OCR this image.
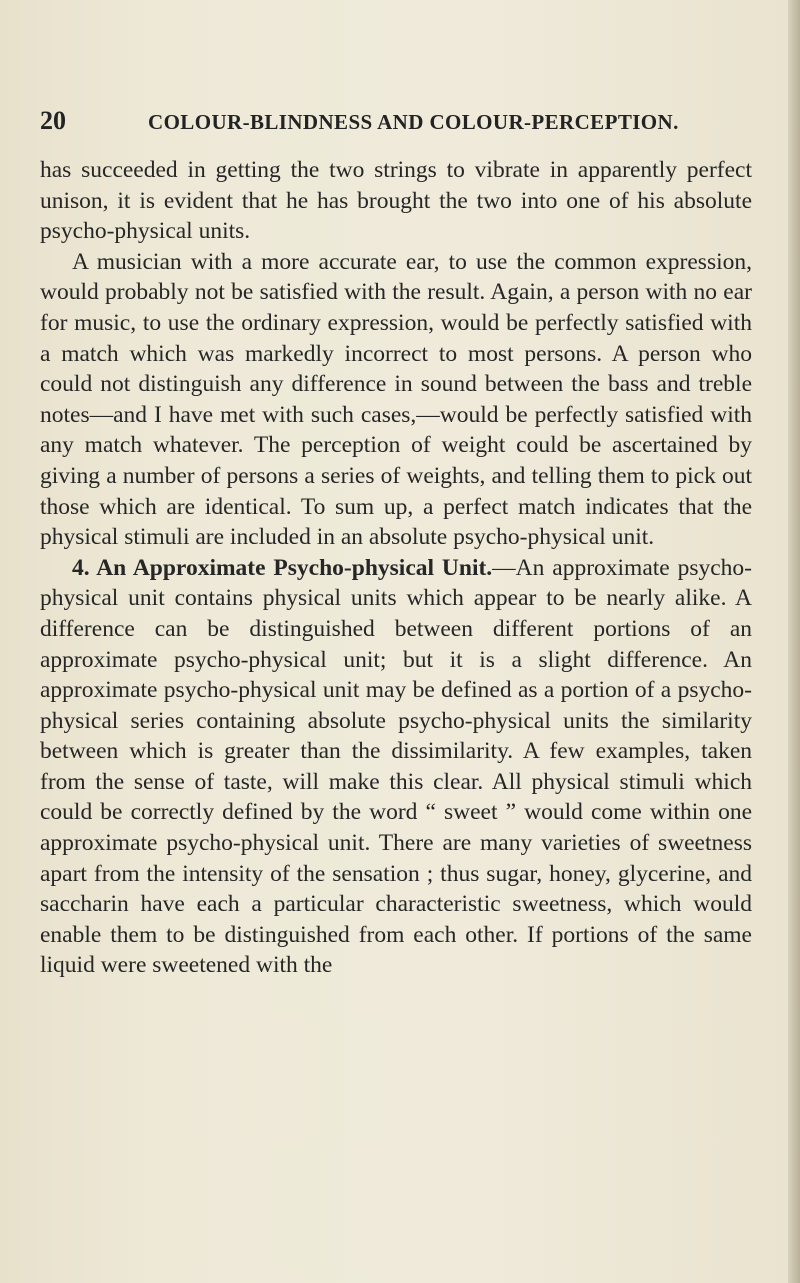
20	COLOUR-BLINDNESS AND COLOUR-PERCEPTION.

has succeeded in getting the two strings to vibrate in apparently perfect unison, it is evident that he has brought the two into one of his absolute psycho-physical units.

A musician with a more accurate ear, to use the common expression, would probably not be satisfied with the result. Again, a person with no ear for music, to use the ordinary expression, would be perfectly satisfied with a match which was markedly incorrect to most persons. A person who could not distinguish any difference in sound between the bass and treble notes—and I have met with such cases,—would be perfectly satisfied with any match whatever. The perception of weight could be ascertained by giving a number of persons a series of weights, and telling them to pick out those which are identical. To sum up, a perfect match indicates that the physical stimuli are included in an absolute psycho-physical unit.

4. An Approximate Psycho-physical Unit.—An approximate psycho-physical unit contains physical units which appear to be nearly alike. A difference can be distinguished between different portions of an approximate psycho-physical unit; but it is a slight difference. An approximate psycho-physical unit may be defined as a portion of a psycho-physical series containing absolute psycho-physical units the similarity between which is greater than the dissimilarity. A few examples, taken from the sense of taste, will make this clear. All physical stimuli which could be correctly defined by the word “ sweet ” would come within one approximate psycho-physical unit. There are many varieties of sweetness apart from the intensity of the sensation ; thus sugar, honey, glycerine, and saccharin have each a particular characteristic sweetness, which would enable them to be distinguished from each other. If portions of the same liquid were sweetened with the
